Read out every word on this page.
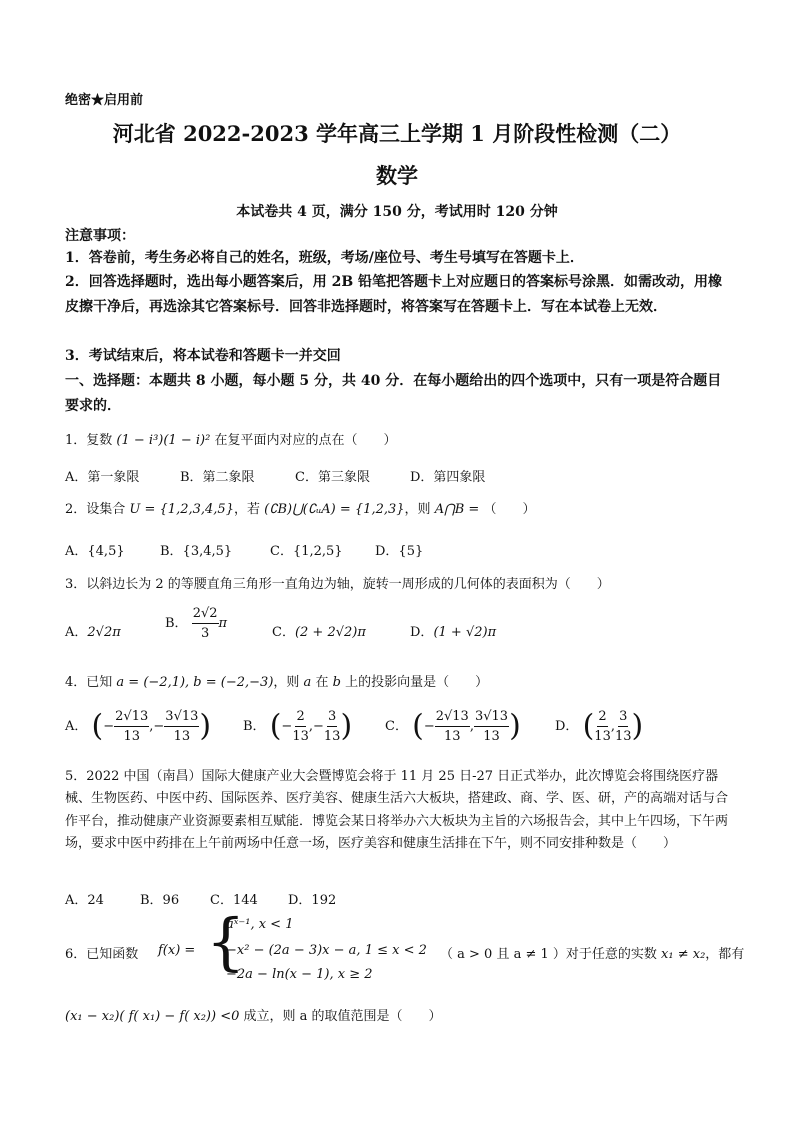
绝密★启用前
河北省 2022-2023 学年高三上学期 1 月阶段性检测（二）
数学
本试卷共 4 页，满分 150 分，考试用时 120 分钟
注意事项：
1．答卷前，考生务必将自己的姓名，班级，考场/座位号、考生号填写在答题卡上．
2．回答选择题时，选出每小题答案后，用 2B 铅笔把答题卡上对应题日的答案标号涂黑．如需改动，用橡皮擦干净后，再选涂其它答案标号．回答非选择题时，将答案写在答题卡上．写在本试卷上无效．
3．考试结束后，将本试卷和答题卡一并交回
一、选择题：本题共 8 小题，每小题 5 分，共 40 分．在每小题给出的四个选项中，只有一项是符合题目要求的．
1．复数 (1 − i³)(1 − i)² 在复平面内对应的点在（　　）
A．第一象限	B．第二象限	C．第三象限	D．第四象限
2．设集合 U = {1,2,3,4,5}，若 (∁B)⋃(∁ᵤA) = {1,2,3}，则 A⋂B = （　　）
A．{4,5}	B．{3,4,5}	C．{1,2,5} D．{5}
3．以斜边长为 2 的等腰直角三角形一直角边为轴，旋转一周形成的几何体的表面积为（　　）
A．2√2π
B． $\frac{2√2}{3}$ π
C．(2 + 2√2)π	D．(1 + √2)π
4．已知 a = (−2,1), b = (−2,−3)，则 a 在 b 上的投影向量是（　　）
A． (− $\frac{2√13}{13}$ ,− $\frac{3√13}{13}$ ) B． (− $\frac{2}{13}$ ,− $\frac{3}{13}$ )	C． (− $\frac{2√13}{13}$ , $\frac{3√13}{13}$ )	D． ( $\frac{2}{13}$ , $\frac{3}{13}$ )
5．2022 中国（南昌）国际大健康产业大会暨博览会将于 11 月 25 日-27 日正式举办，此次博览会将围绕医疗器械、生物医药、中医中药、国际医养、医疗美容、健康生活六大板块，搭建政、商、学、医、研，产的高端对话与合作平台，推动健康产业资源要素相互赋能．博览会某日将举办六大板块为主旨的六场报告会，其中上午四场，下午两场，要求中医中药排在上午前两场中任意一场，医疗美容和健康生活排在下午，则不同安排种数是（　　）
A．24	B．96 C．144 D．192
6．已知函数 f(x) = {
aˣ⁻¹, x < 1
−x² − (2a − 3)x − a, 1 ≤ x < 2
−2a − ln(x − 1), x ≥ 2
（ a > 0 且 a ≠ 1 ）对于任意的实数 x₁ ≠ x₂，都有
(x₁ − x₂)( f( x₁) − f( x₂)) <0 成立，则 a 的取值范围是（　　）
